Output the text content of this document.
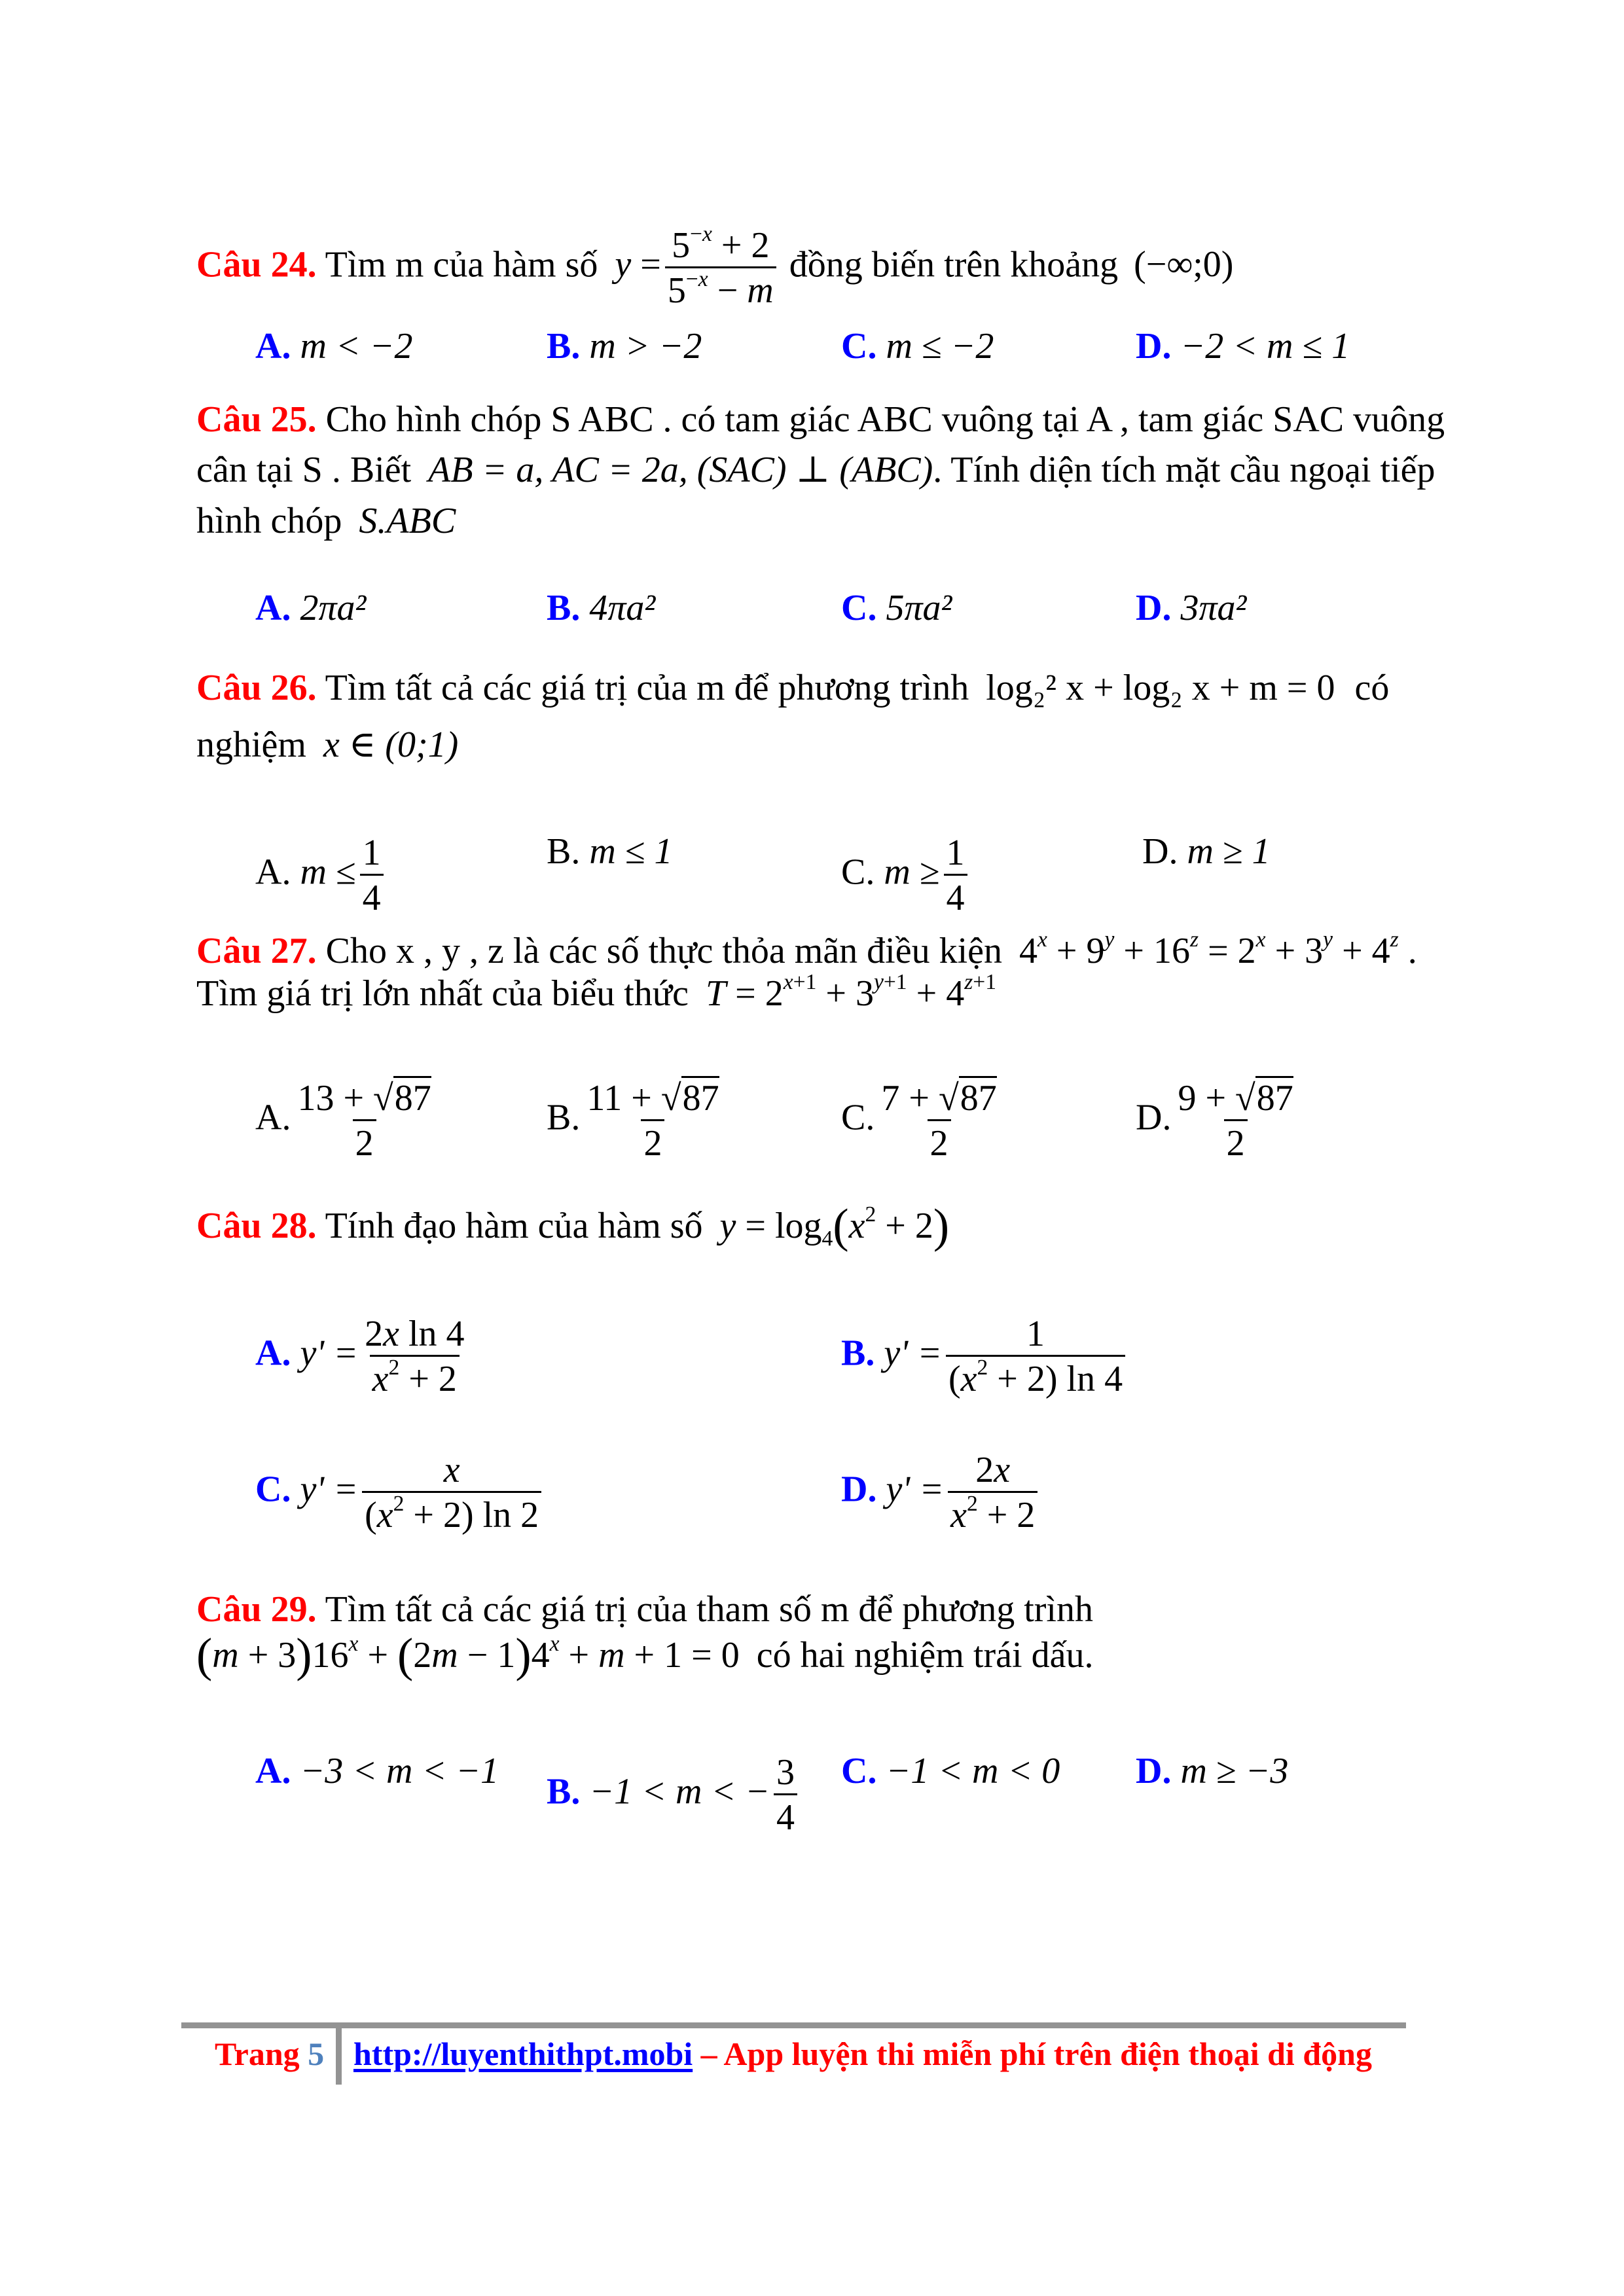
Câu 24. Tìm m của hàm số $y = \frac{5^{-x} + 2}{5^{-x} - m}$ đồng biến trên khoảng (−∞;0)
A. m < −2	B. m > −2	C. m ≤ −2	D. −2 < m ≤ 1
Câu 25. Cho hình chóp S ABC . có tam giác ABC vuông tại A , tam giác SAC vuông
cân tại S . Biết AB = a, AC = 2a, (SAC) ⊥ (ABC). Tính diện tích mặt cầu ngoại tiếp
hình chóp S.ABC
A. 2πa²	B. 4πa²	C. 5πa²	D. 3πa²
Câu 26. Tìm tất cả các giá trị của m để phương trình log₂² x + log₂ x + m = 0 có
nghiệm x ∈ (0;1)
A. $m \le \frac{1}{4}$	B. m ≤ 1
C. $m \ge \frac{1}{4}$	D. m ≥ 1
Câu 27. Cho x , y , z là các số thực thỏa mãn điều kiện $4^x + 9^y + 16^z = 2^x + 3^y + 4^z$ .
Tìm giá trị lớn nhất của biểu thức $T = 2^{x+1} + 3^{y+1} + 4^{z+1}$
A. $\frac{13 + √87}{2}$	B. $\frac{11 + √87}{2}$	C. $\frac{7 + √87}{2}$	D. $\frac{9 + √87}{2}$
Câu 28. Tính đạo hàm của hàm số $y = \log_4(x^2 + 2)$
A. $y' = \frac{\text{2x ln 4}}{x^2 + 2}$	B. $y' = \frac{1}{(x^2 + 2) \ln 4}$
C. $y' = \frac{x}{(x^2 + 2) \ln 2}$	D. $y' = \frac{2x}{x^2 + 2}$
Câu 29. Tìm tất cả các giá trị của tham số m để phương trình
$(m + 3)16^x + (2m - 1)4^x + m + 1 = 0$ có hai nghiệm trái dấu.
A. −3 < m < −1
B. −1 < m < − $\frac{3}{4} C$. −1 < m < 0 D. m ≥ −3
Trang 5 http://luyenthithpt.mobi – App luyện thi miễn phí trên điện thoại di động
